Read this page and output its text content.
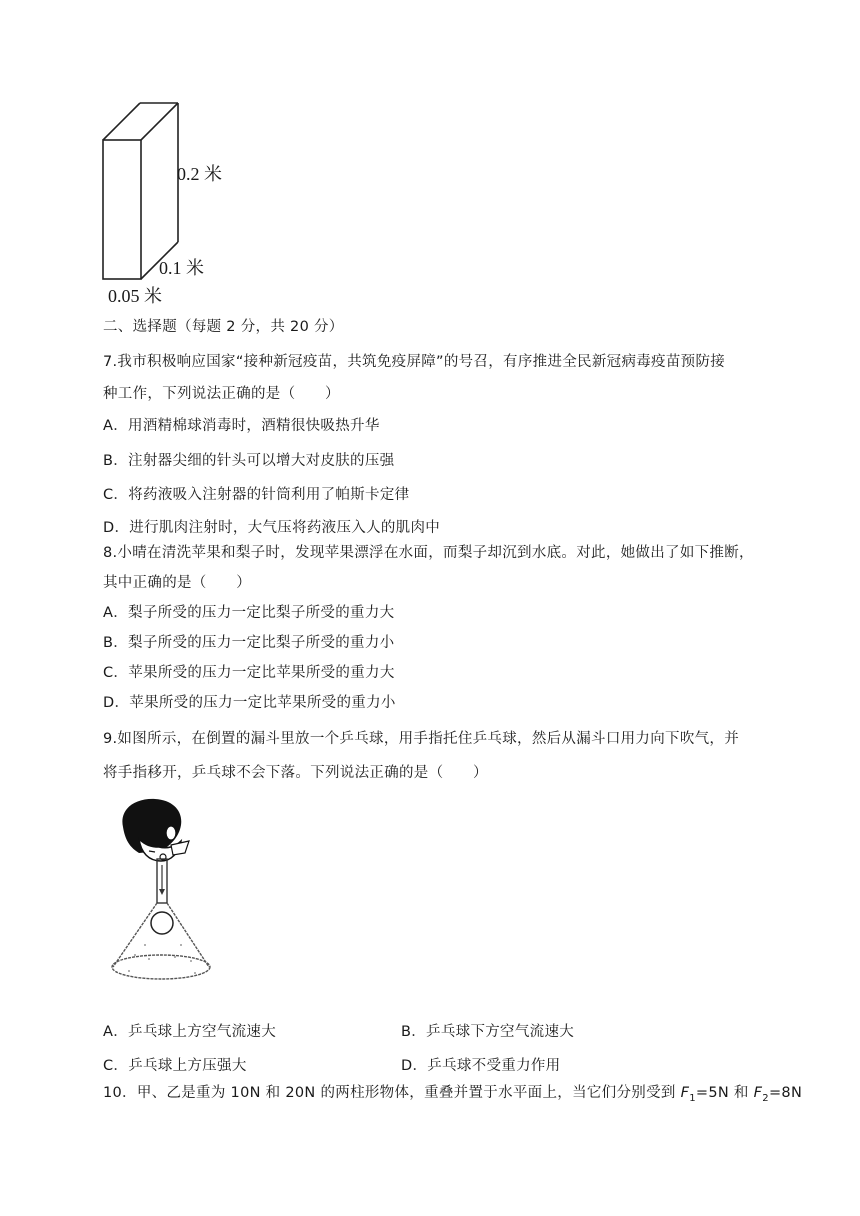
0.2 米
0.1 米
0.05 米
二、选择题（每题 2 分，共 20 分）
7.我市积极响应国家“接种新冠疫苗，共筑免疫屏障”的号召，有序推进全民新冠病毒疫苗预防接
种工作，下列说法正确的是（　　）
A．用酒精棉球消毒时，酒精很快吸热升华
B．注射器尖细的针头可以增大对皮肤的压强
C．将药液吸入注射器的针筒利用了帕斯卡定律
D．进行肌肉注射时，大气压将药液压入人的肌肉中
8.小晴在清洗苹果和梨子时，发现苹果漂浮在水面，而梨子却沉到水底。对此，她做出了如下推断，
其中正确的是（　　）
A．梨子所受的压力一定比梨子所受的重力大
B．梨子所受的压力一定比梨子所受的重力小
C．苹果所受的压力一定比苹果所受的重力大
D．苹果所受的压力一定比苹果所受的重力小
9.如图所示，在倒置的漏斗里放一个乒乓球，用手指托住乒乓球，然后从漏斗口用力向下吹气，并
将手指移开，乒乓球不会下落。下列说法正确的是（　　）
A．乒乓球上方空气流速大	B．乒乓球下方空气流速大
C．乒乓球上方压强大	D．乒乓球不受重力作用
10．甲、乙是重为 10N 和 20N 的两柱形物体，重叠并置于水平面上，当它们分别受到 $F_1=5N$ 和 $F_2=8N$
